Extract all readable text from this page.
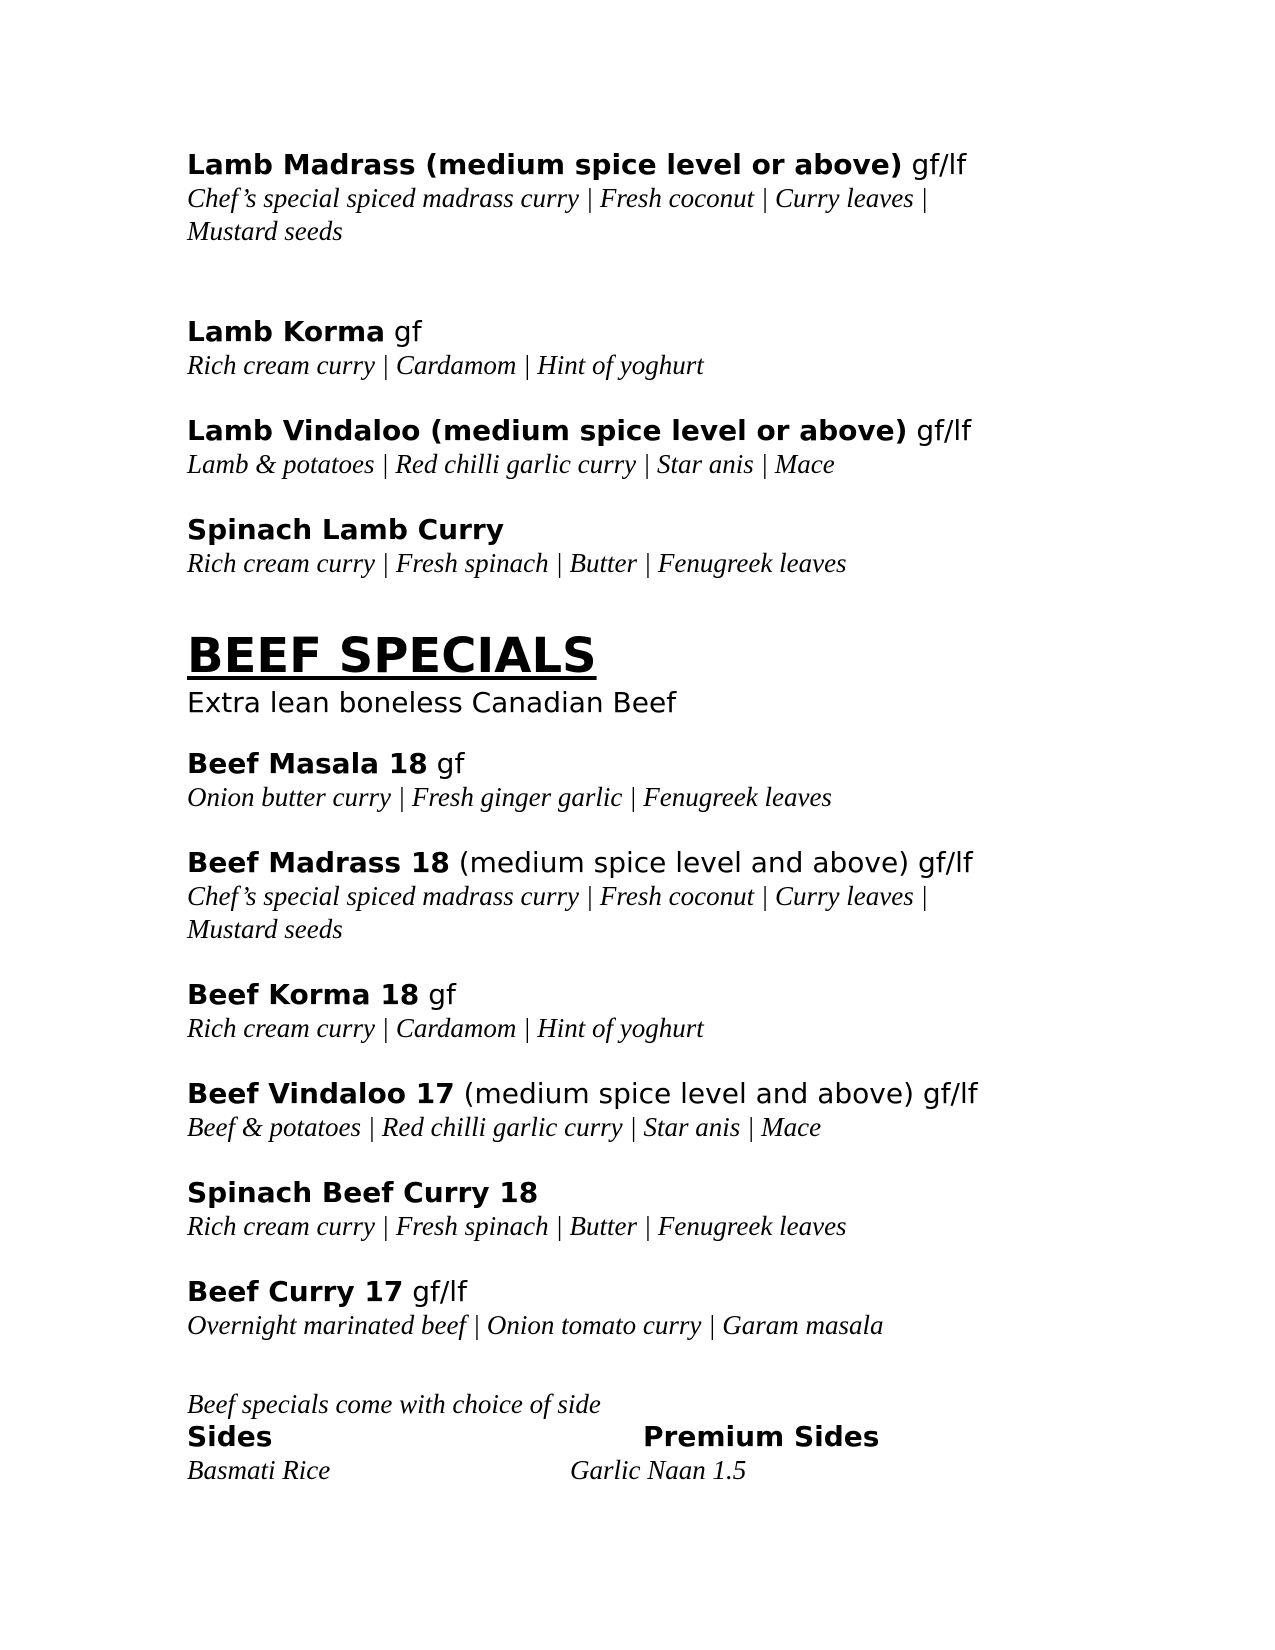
Lamb Madrass (medium spice level or above) gf/lf
Chef’s special spiced madrass curry | Fresh coconut | Curry leaves | Mustard seeds
Lamb Korma gf
Rich cream curry | Cardamom | Hint of yoghurt
Lamb Vindaloo (medium spice level or above) gf/lf
Lamb & potatoes | Red chilli garlic curry | Star anis | Mace
Spinach Lamb Curry
Rich cream curry | Fresh spinach | Butter | Fenugreek leaves
BEEF SPECIALS
Extra lean boneless Canadian Beef
Beef Masala 18 gf
Onion butter curry | Fresh ginger garlic | Fenugreek leaves
Beef Madrass 18 (medium spice level and above) gf/lf
Chef’s special spiced madrass curry | Fresh coconut | Curry leaves | Mustard seeds
Beef Korma 18 gf
Rich cream curry | Cardamom | Hint of yoghurt
Beef Vindaloo 17 (medium spice level and above) gf/lf
Beef & potatoes | Red chilli garlic curry | Star anis | Mace
Spinach Beef Curry 18
Rich cream curry | Fresh spinach | Butter | Fenugreek leaves
Beef Curry 17 gf/lf
Overnight marinated beef | Onion tomato curry | Garam masala
Beef specials come with choice of side
Sides	Premium Sides
Basmati Rice	Garlic Naan 1.5
